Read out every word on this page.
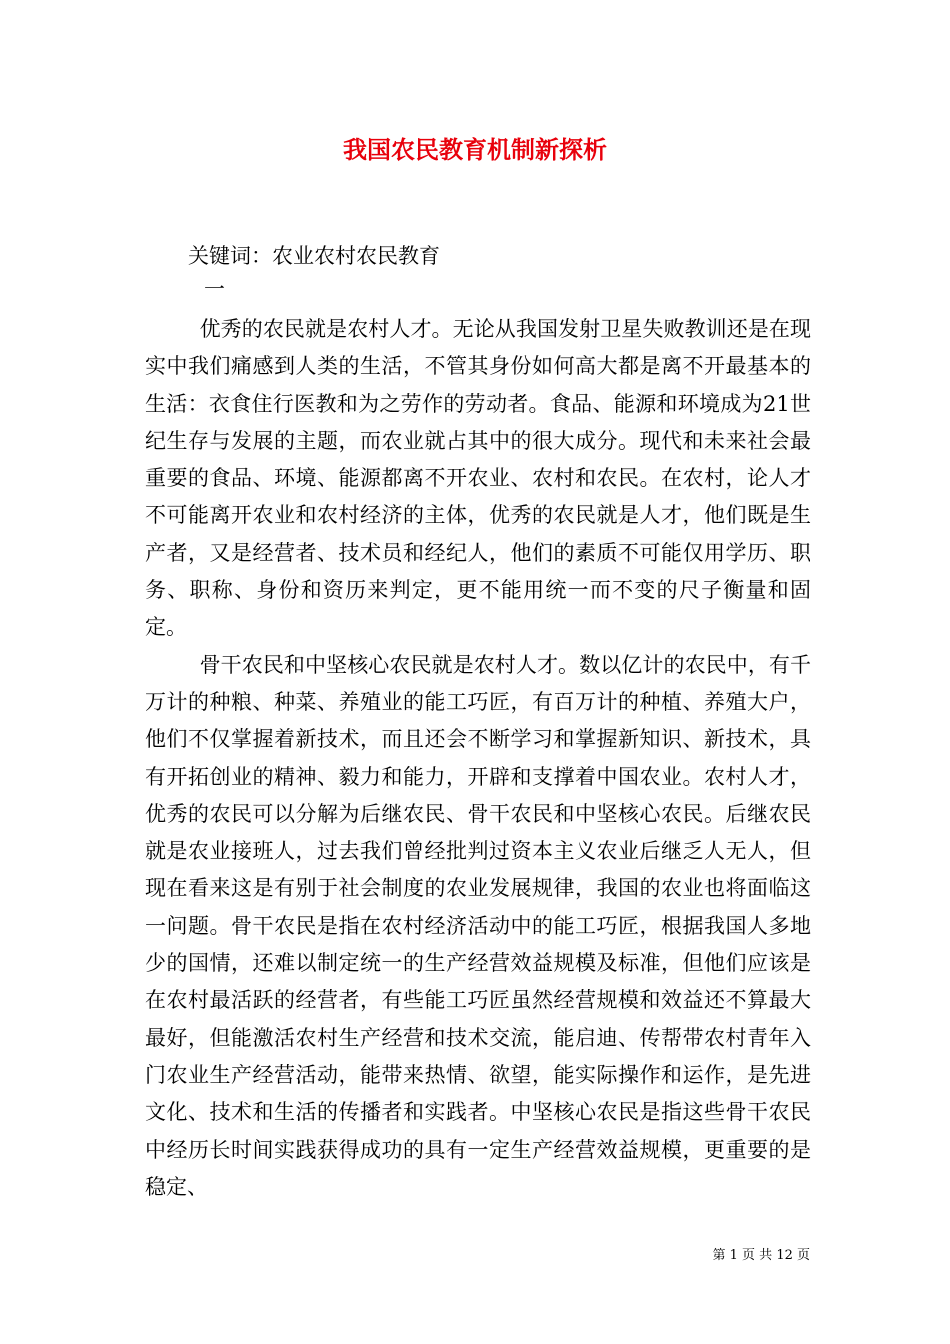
我国农民教育机制新探析

关键词：农业农村农民教育

一

优秀的农民就是农村人才。无论从我国发射卫星失败教训还是在现实中我们痛感到人类的生活，不管其身份如何高大都是离不开最基本的生活：衣食住行医教和为之劳作的劳动者。食品、能源和环境成为21世纪生存与发展的主题，而农业就占其中的很大成分。现代和未来社会最重要的食品、环境、能源都离不开农业、农村和农民。在农村，论人才不可能离开农业和农村经济的主体，优秀的农民就是人才，他们既是生产者，又是经营者、技术员和经纪人，他们的素质不可能仅用学历、职务、职称、身份和资历来判定，更不能用统一而不变的尺子衡量和固定。

骨干农民和中坚核心农民就是农村人才。数以亿计的农民中，有千万计的种粮、种菜、养殖业的能工巧匠，有百万计的种植、养殖大户，他们不仅掌握着新技术，而且还会不断学习和掌握新知识、新技术，具有开拓创业的精神、毅力和能力，开辟和支撑着中国农业。农村人才，优秀的农民可以分解为后继农民、骨干农民和中坚核心农民。后继农民就是农业接班人，过去我们曾经批判过资本主义农业后继乏人无人，但现在看来这是有别于社会制度的农业发展规律，我国的农业也将面临这一问题。骨干农民是指在农村经济活动中的能工巧匠，根据我国人多地少的国情，还难以制定统一的生产经营效益规模及标准，但他们应该是在农村最活跃的经营者，有些能工巧匠虽然经营规模和效益还不算最大最好，但能激活农村生产经营和技术交流，能启迪、传帮带农村青年入门农业生产经营活动，能带来热情、欲望，能实际操作和运作，是先进文化、技术和生活的传播者和实践者。中坚核心农民是指这些骨干农民中经历长时间实践获得成功的具有一定生产经营效益规模，更重要的是稳定、

第 1 页 共 12 页
